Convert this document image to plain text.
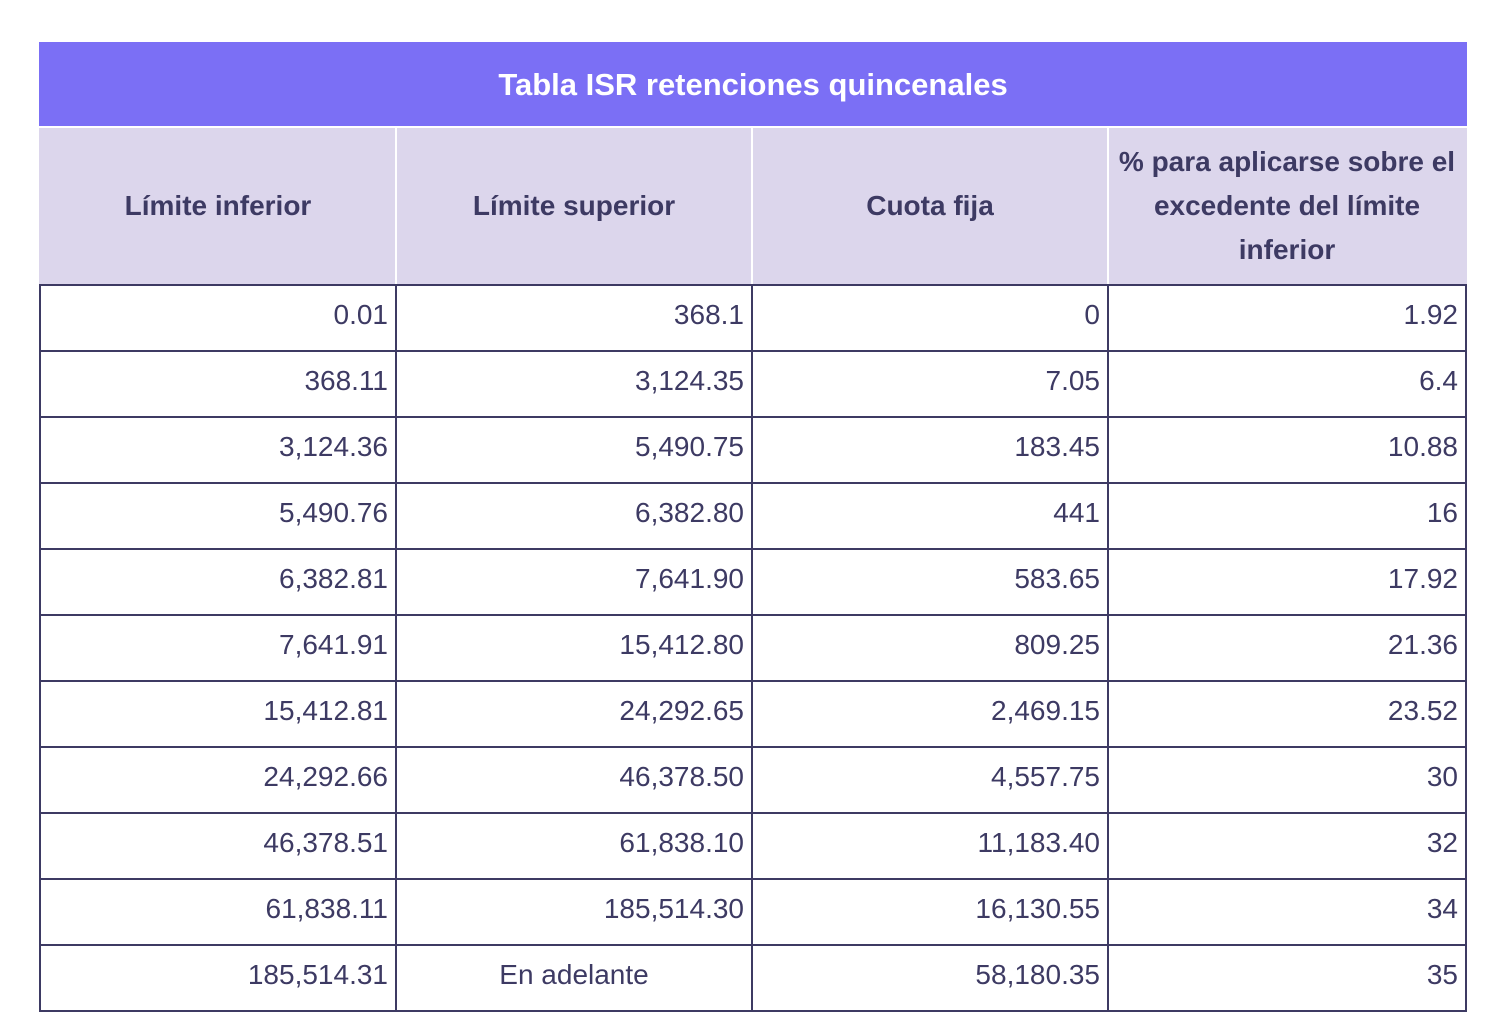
Tabla ISR retenciones quincenales			
Límite inferior	Límite superior	Cuota fija	% para aplicarse sobre el excedente del límite inferior
0.01	368.1	0	1.92
368.11	3,124.35	7.05	6.4
3,124.36	5,490.75	183.45	10.88
5,490.76	6,382.80	441	16
6,382.81	7,641.90	583.65	17.92
7,641.91	15,412.80	809.25	21.36
15,412.81	24,292.65	2,469.15	23.52
24,292.66	46,378.50	4,557.75	30
46,378.51	61,838.10	11,183.40	32
61,838.11	185,514.30	16,130.55	34
185,514.31	En adelante	58,180.35	35
